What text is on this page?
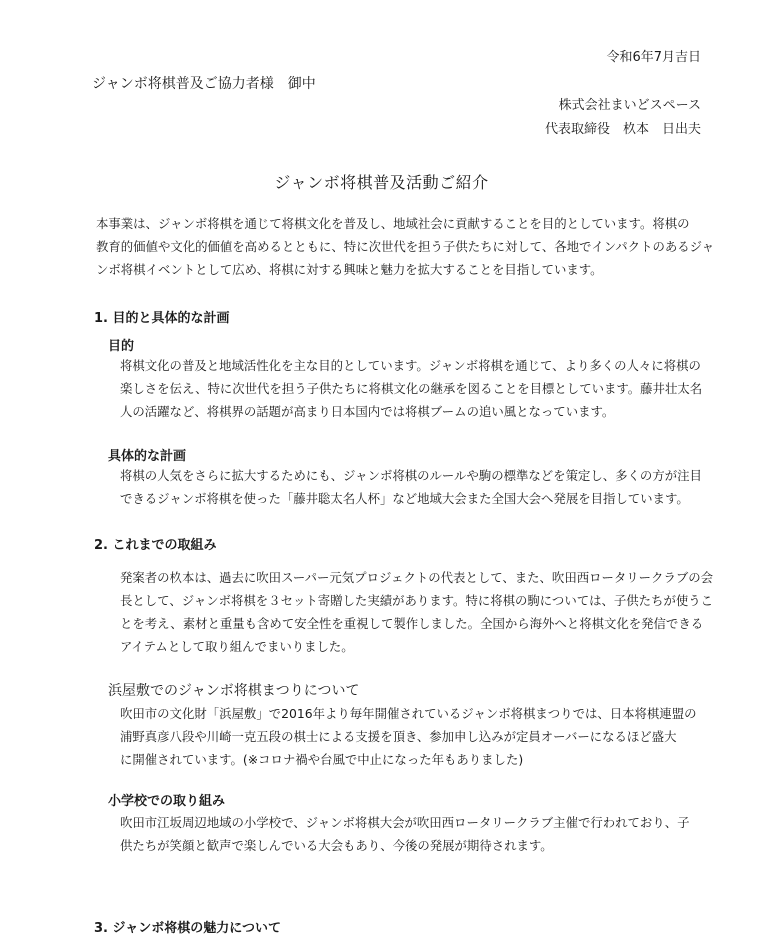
令和6年7月吉日
ジャンボ将棋普及ご協力者様　御中
株式会社まいどスペース
代表取締役　杦本　日出夫
ジャンボ将棋普及活動ご紹介
本事業は、ジャンボ将棋を通じて将棋文化を普及し、地域社会に貢献することを目的としています。将棋の
教育的価値や文化的価値を高めるとともに、特に次世代を担う子供たちに対して、各地でインパクトのあるジャ
ンボ将棋イベントとして広め、将棋に対する興味と魅力を拡大することを目指しています。
1. 目的と具体的な計画
目的
将棋文化の普及と地域活性化を主な目的としています。ジャンボ将棋を通じて、より多くの人々に将棋の
楽しさを伝え、特に次世代を担う子供たちに将棋文化の継承を図ることを目標としています。藤井壮太名
人の活躍など、将棋界の話題が高まり日本国内では将棋ブームの追い風となっています。
具体的な計画
将棋の人気をさらに拡大するためにも、ジャンボ将棋のルールや駒の標準などを策定し、多くの方が注目
できるジャンボ将棋を使った「藤井聡太名人杯」など地域大会また全国大会へ発展を目指しています。
2. これまでの取組み
発案者の杦本は、過去に吹田スーパー元気プロジェクトの代表として、また、吹田西ロータリークラブの会
長として、ジャンボ将棋を３セット寄贈した実績があります。特に将棋の駒については、子供たちが使うこ
とを考え、素材と重量も含めて安全性を重視して製作しました。全国から海外へと将棋文化を発信できる
アイテムとして取り組んでまいりました。
浜屋敷でのジャンボ将棋まつりについて
吹田市の文化財「浜屋敷」で2016年より毎年開催されているジャンボ将棋まつりでは、日本将棋連盟の
浦野真彦八段や川崎一克五段の棋士による支援を頂き、参加申し込みが定員オーバーになるほど盛大
に開催されています。(※コロナ禍や台風で中止になった年もありました)
小学校での取り組み
吹田市江坂周辺地域の小学校で、ジャンボ将棋大会が吹田西ロータリークラブ主催で行われており、子
供たちが笑顔と歓声で楽しんでいる大会もあり、今後の発展が期待されます。
3. ジャンボ将棋の魅力について
